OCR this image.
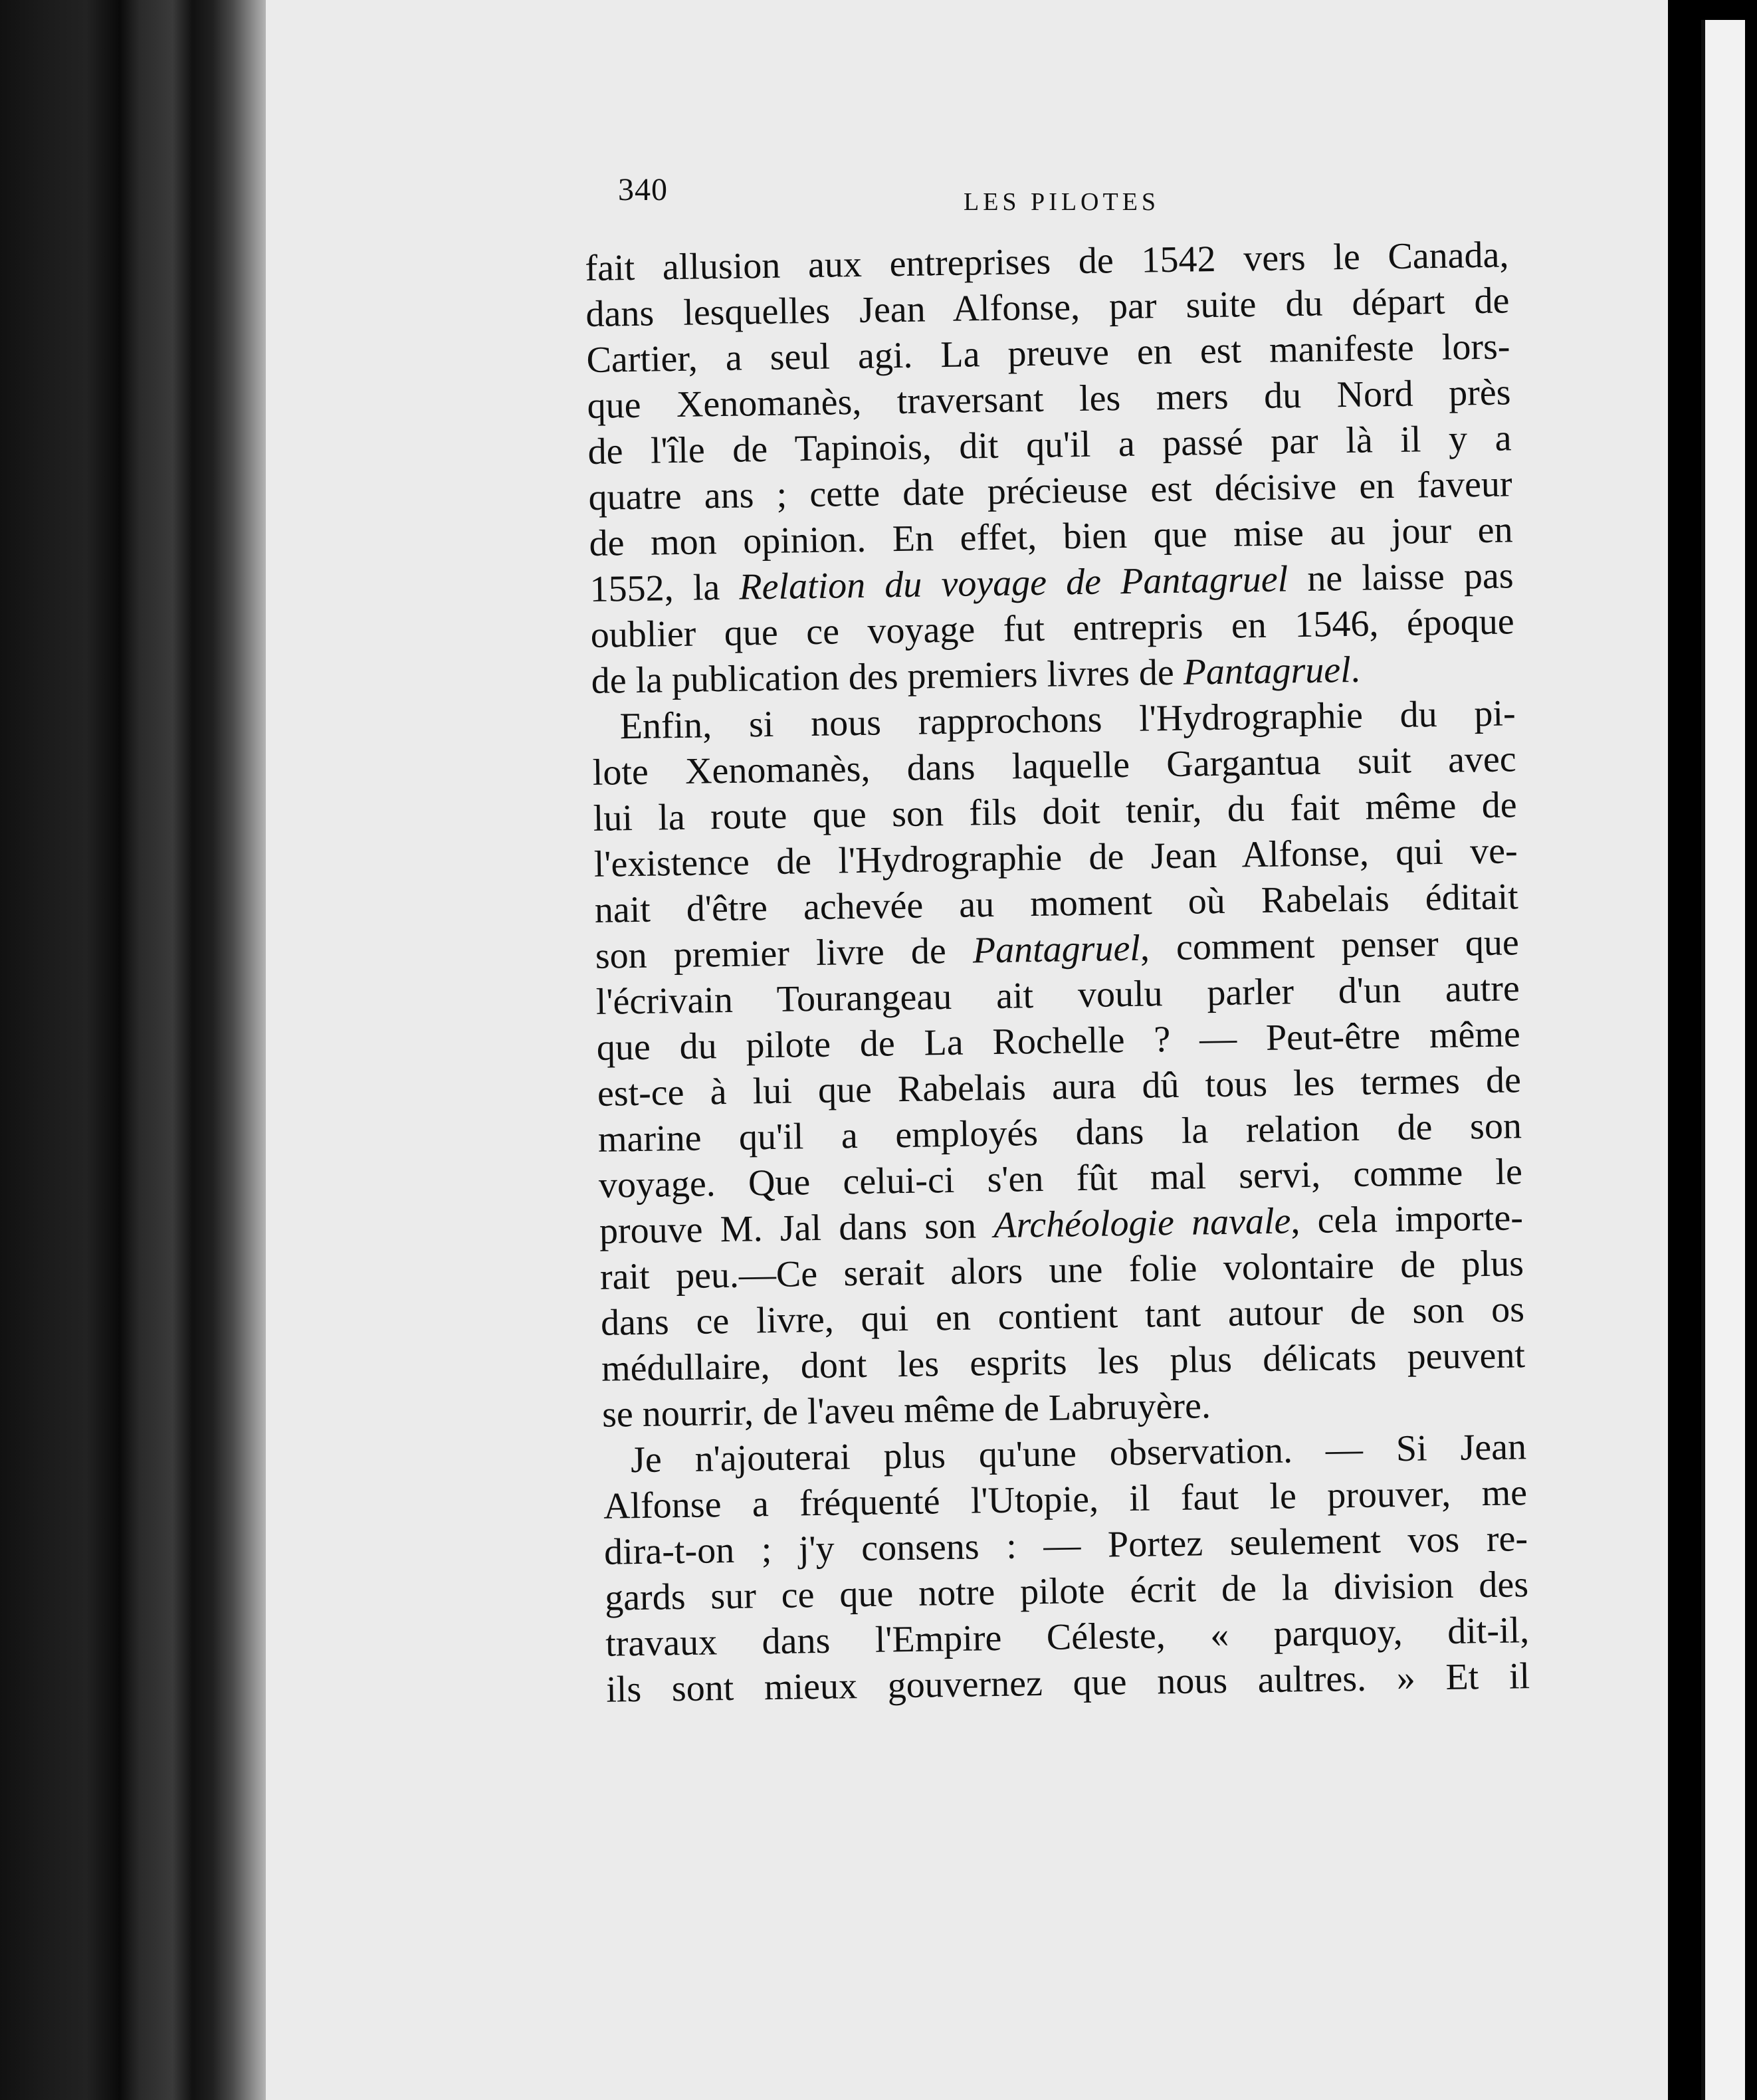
340	LES PILOTES
fait allusion aux entreprises de 1542 vers le Canada,
dans lesquelles Jean Alfonse, par suite du départ de
Cartier, a seul agi. La preuve en est manifeste lors-
que Xenomanès, traversant les mers du Nord près
de l'île de Tapinois, dit qu'il a passé par là il y a
quatre ans ; cette date précieuse est décisive en faveur
de mon opinion. En effet, bien que mise au jour en
1552, la Relation du voyage de Pantagruel ne laisse pas
oublier que ce voyage fut entrepris en 1546, époque
de la publication des premiers livres de Pantagruel.
Enfin, si nous rapprochons l'Hydrographie du pi-
lote Xenomanès, dans laquelle Gargantua suit avec
lui la route que son fils doit tenir, du fait même de
l'existence de l'Hydrographie de Jean Alfonse, qui ve-
nait d'être achevée au moment où Rabelais éditait
son premier livre de Pantagruel, comment penser que
l'écrivain Tourangeau ait voulu parler d'un autre
que du pilote de La Rochelle ? — Peut-être même
est-ce à lui que Rabelais aura dû tous les termes de
marine qu'il a employés dans la relation de son
voyage. Que celui-ci s'en fût mal servi, comme le
prouve M. Jal dans son Archéologie navale, cela importe-
rait peu.—Ce serait alors une folie volontaire de plus
dans ce livre, qui en contient tant autour de son os
médullaire, dont les esprits les plus délicats peuvent
se nourrir, de l'aveu même de Labruyère.
Je n'ajouterai plus qu'une observation. — Si Jean
Alfonse a fréquenté l'Utopie, il faut le prouver, me
dira-t-on ; j'y consens : — Portez seulement vos re-
gards sur ce que notre pilote écrit de la division des
travaux dans l'Empire Céleste, « parquoy, dit-il,
ils sont mieux gouvernez que nous aultres. » Et il
